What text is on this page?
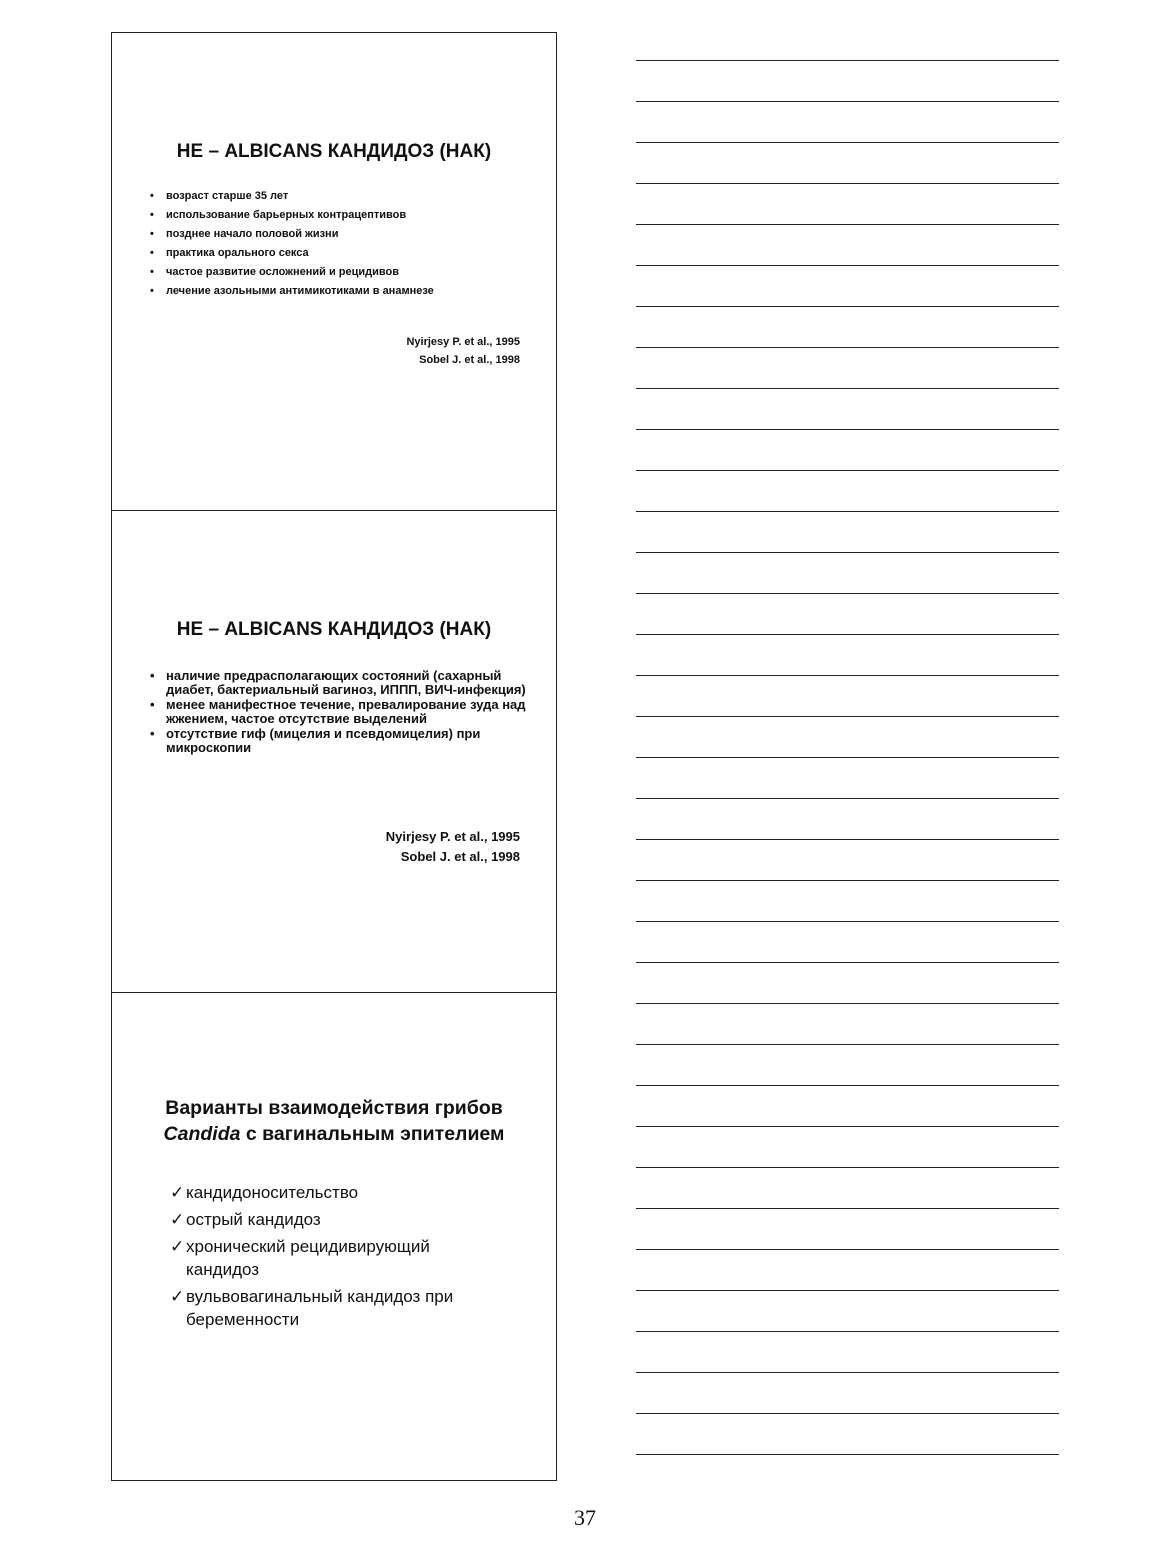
НЕ – ALBICANS КАНДИДОЗ (НАК)
• возраст старше 35 лет
• использование барьерных контрацептивов
• позднее начало половой жизни
• практика орального секса
• частое развитие осложнений и рецидивов
• лечение азольными антимикотиками в анамнезе
Nyirjesy P. et al., 1995
Sobel J. et al., 1998
НЕ – ALBICANS КАНДИДОЗ (НАК)
• наличие предрасполагающих состояний (сахарный диабет, бактериальный вагиноз, ИППП, ВИЧ-инфекция)
• менее манифестное течение, превалирование зуда над жжением, частое отсутствие выделений
• отсутствие гиф (мицелия и псевдомицелия) при микроскопии
Nyirjesy P. et al., 1995
Sobel J. et al., 1998
Варианты взаимодействия грибов
Candida с вагинальным эпителием
✓ кандидоносительство
✓ острый кандидоз
✓ хронический рецидивирующий кандидоз
✓ вульвовагинальный кандидоз при беременности
37
